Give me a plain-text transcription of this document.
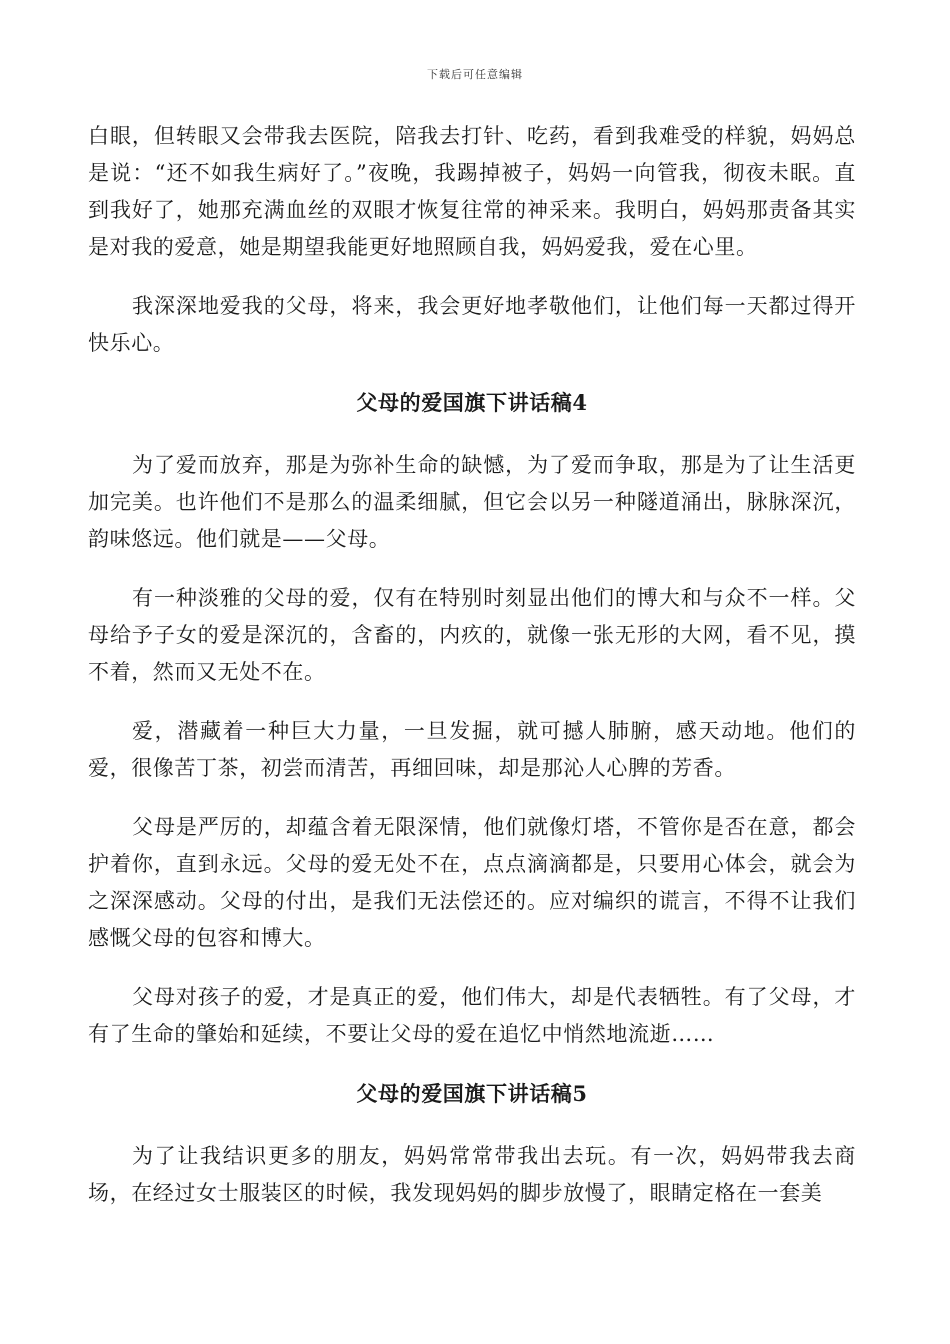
下载后可任意编辑

白眼，但转眼又会带我去医院，陪我去打针、吃药，看到我难受的样貌，妈妈总是说：“还不如我生病好了。”夜晚，我踢掉被子，妈妈一向管我，彻夜未眠。直到我好了，她那充满血丝的双眼才恢复往常的神采来。我明白，妈妈那责备其实是对我的爱意，她是期望我能更好地照顾自我，妈妈爱我，爱在心里。

我深深地爱我的父母，将来，我会更好地孝敬他们，让他们每一天都过得开快乐心。

父母的爱国旗下讲话稿4

为了爱而放弃，那是为弥补生命的缺憾，为了爱而争取，那是为了让生活更加完美。也许他们不是那么的温柔细腻，但它会以另一种隧道涌出，脉脉深沉，韵味悠远。他们就是——父母。

有一种淡雅的父母的爱，仅有在特别时刻显出他们的博大和与众不一样。父母给予子女的爱是深沉的，含畜的，内疚的，就像一张无形的大网，看不见，摸不着，然而又无处不在。

爱，潜藏着一种巨大力量，一旦发掘，就可撼人肺腑，感天动地。他们的爱，很像苦丁茶，初尝而清苦，再细回味，却是那沁人心脾的芳香。

父母是严厉的，却蕴含着无限深情，他们就像灯塔，不管你是否在意，都会护着你，直到永远。父母的爱无处不在，点点滴滴都是，只要用心体会，就会为之深深感动。父母的付出，是我们无法偿还的。应对编织的谎言，不得不让我们感慨父母的包容和博大。

父母对孩子的爱，才是真正的爱，他们伟大，却是代表牺牲。有了父母，才有了生命的肇始和延续，不要让父母的爱在追忆中悄然地流逝……

父母的爱国旗下讲话稿5

为了让我结识更多的朋友，妈妈常常带我出去玩。有一次，妈妈带我去商场，在经过女士服装区的时候，我发现妈妈的脚步放慢了，眼睛定格在一套美
